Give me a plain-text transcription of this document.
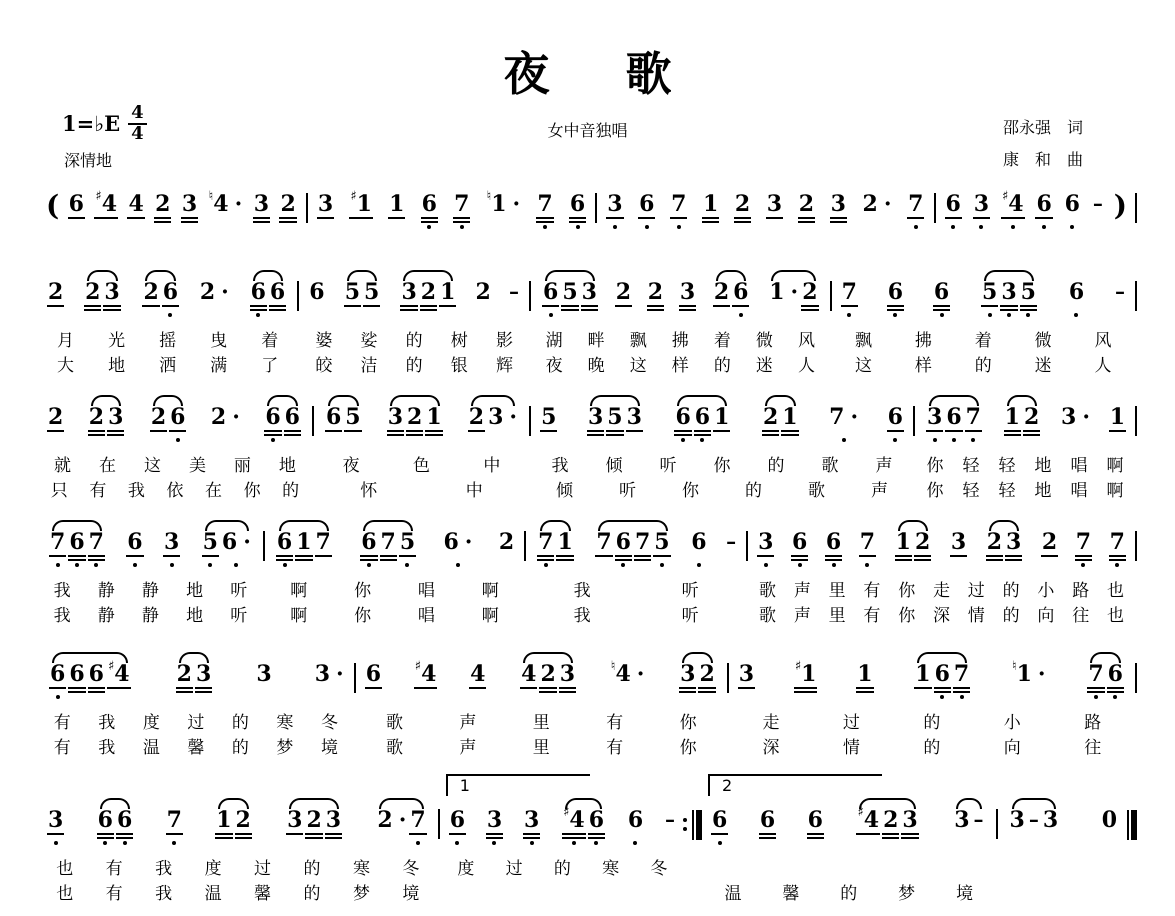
夜 歌
女中音独唱
1=♭E $\frac{4}{4}$
深情地
邵永强　词
康　和　曲
( 6 ♯ 4 4 2 3 ♮ 4 · 3 2 3 ♯ 1 1 6 7 ♮ 1 · 7 6 3 6 7 1 2 3 2 3 2 · 7 6 3 ♯ 4 6 6 – )
2 2 3 2 6 2 · 6 6
月 光 摇 曳 着
大 地 洒 满 了
6 5 5 3 2 1 2 –
婆 娑 的 树 影
皎 洁 的 银 辉
6 5 3 2 2 3 2 6 1 · 2
湖 畔 飘 拂 着 微 风
夜 晚 这 样 的 迷 人
7 6 6 5 3 5 6 –
飘	拂	着	微	风
这	样	的	迷	人
2 2 3 2 6 2 · 6 6
就 在 这 美 丽 地
只 有 我 依 在 你 的
6 5 3 2 1 2 3 ·
夜	色	中
怀	中
5 3 5 3 6 6 1 2 1 7 · 6
我 倾 听 你 的 歌 声
倾	听	你	的	歌	声
3 6 7 1 2 3 · 1
你 轻 轻 地 唱 啊
你 轻 轻 地 唱 啊
7 6 7 6 3 5 6 ·
我 静 静 地 听
我 静 静 地 听
6 1 7 6 7 5 6 · 2
啊	你	唱	啊
啊	你	唱	啊
7 1 7 6 7 5 6 –
我	听
我	听
3 6 6 7 1 2 3 2 3 2 7 7
歌 声 里 有 你 走 过 的 小 路 也
歌 声 里 有 你 深 情 的 向 往 也
6 6 6 ♯ 4 2 3 3 3 ·
有 我 度 过 的 寒 冬
有 我 温 馨 的 梦 境
6	♯ 4 4 4 2 3	♮ 4 · 3 2
歌	声	里	有	你
歌	声	里	有	你
3	♯ 1 1 1 6 7	♮ 1 · 7 6
走	过	的	小	路
深	情	的	向	往
3 6 6 7 1 2 3 2 3 2 · 7
也 有 我 度 过 的 寒 冬
也 有 我 温 馨 的 梦 境
1
6 3 3 ♯ 4 6 6 –
度 过 的 寒 冬

2
6 6 6	♯ 4 2 3 3 –

温 馨 的 梦 境
3 – 3 0
